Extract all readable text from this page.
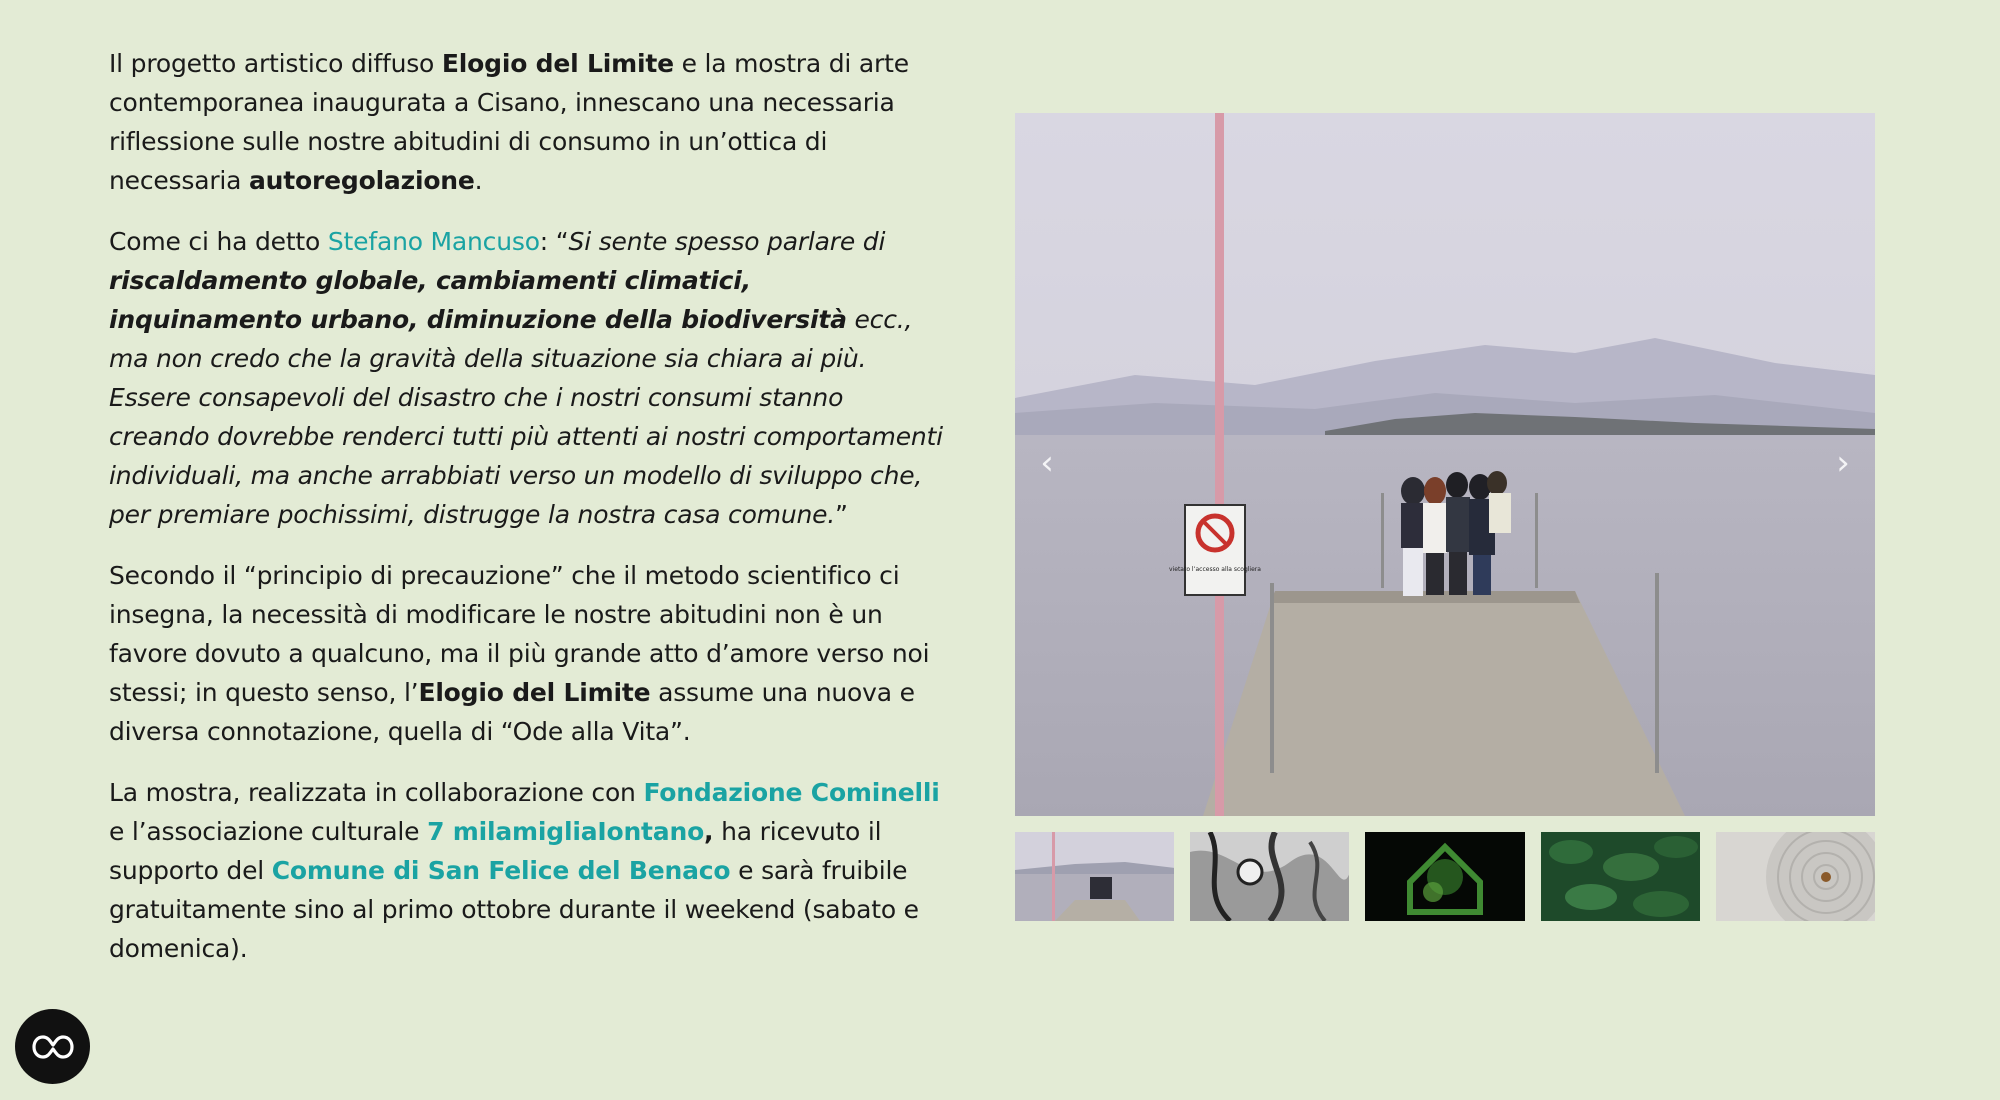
Il progetto artistico diffuso Elogio del Limite e la mostra di arte contemporanea inaugurata a Cisano, innescano una necessaria riflessione sulle nostre abitudini di consumo in un’ottica di necessaria autoregolazione.

Come ci ha detto Stefano Mancuso: “Si sente spesso parlare di riscaldamento globale, cambiamenti climatici, inquinamento urbano, diminuzione della biodiversità ecc., ma non credo che la gravità della situazione sia chiara ai più. Essere consapevoli del disastro che i nostri consumi stanno creando dovrebbe renderci tutti più attenti ai nostri comportamenti individuali, ma anche arrabbiati verso un modello di sviluppo che, per premiare pochissimi, distrugge la nostra casa comune.”

Secondo il “principio di precauzione” che il metodo scientifico ci insegna, la necessità di modificare le nostre abitudini non è un favore dovuto a qualcuno, ma il più grande atto d’amore verso noi stessi; in questo senso, l’Elogio del Limite assume una nuova e diversa connotazione, quella di “Ode alla Vita”.

La mostra, realizzata in collaborazione con Fondazione Cominelli e l’associazione culturale 7 milamigliaIontano, ha ricevuto il supporto del Comune di San Felice del Benaco e sarà fruibile gratuitamente sino al primo ottobre durante il weekend (sabato e domenica).

vietato l’accesso alla scogliera
‹	›
